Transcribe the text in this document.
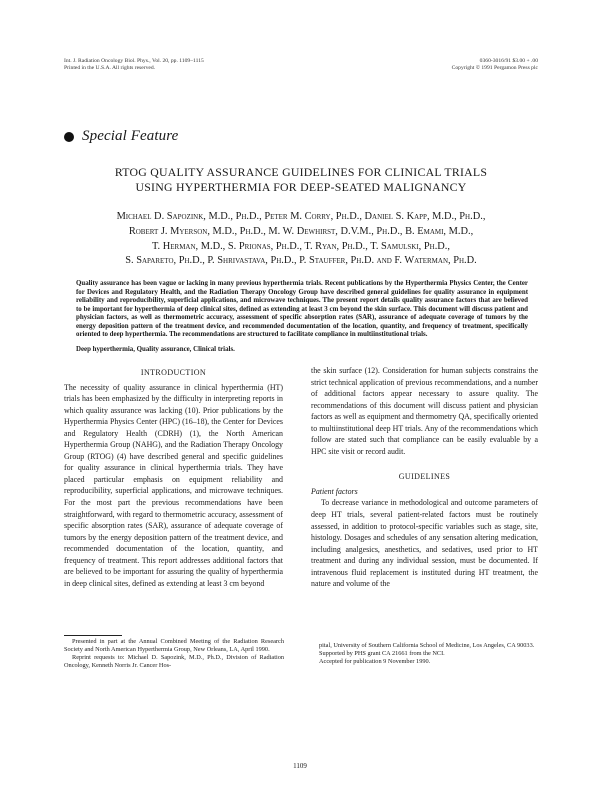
Int. J. Radiation Oncology Biol. Phys., Vol. 20, pp. 1109–1115
Printed in the U.S.A. All rights reserved.
0360-3016/91 $3.00 + .00
Copyright © 1991 Pergamon Press plc
Special Feature
RTOG QUALITY ASSURANCE GUIDELINES FOR CLINICAL TRIALS
USING HYPERTHERMIA FOR DEEP-SEATED MALIGNANCY
Michael D. Sapozink, M.D., Ph.D., Peter M. Corry, Ph.D., Daniel S. Kapp, M.D., Ph.D.,
Robert J. Myerson, M.D., Ph.D., M. W. Dewhirst, D.V.M., Ph.D., B. Emami, M.D.,
T. Herman, M.D., S. Prionas, Ph.D., T. Ryan, Ph.D., T. Samulski, Ph.D.,
S. Sapareto, Ph.D., P. Shrivastava, Ph.D., P. Stauffer, Ph.D. and F. Waterman, Ph.D.
Quality assurance has been vague or lacking in many previous hyperthermia trials. Recent publications by the Hyperthermia Physics Center, the Center for Devices and Regulatory Health, and the Radiation Therapy Oncology Group have described general guidelines for quality assurance in equipment reliability and reproducibility, superficial applications, and microwave techniques. The present report details quality assurance factors that are believed to be important for hyperthermia of deep clinical sites, defined as extending at least 3 cm beyond the skin surface. This document will discuss patient and physician factors, as well as thermometric accuracy, assessment of specific absorption rates (SAR), assurance of adequate coverage of tumors by the energy deposition pattern of the treatment device, and recommended documentation of the location, quantity, and frequency of treatment, specifically oriented to deep hyperthermia. The recommendations are structured to facilitate compliance in multiinstitutional trials.
Deep hyperthermia, Quality assurance, Clinical trials.
INTRODUCTION

The necessity of quality assurance in clinical hyperthermia (HT) trials has been emphasized by the difficulty in interpreting reports in which quality assurance was lacking (10). Prior publications by the Hyperthermia Physics Center (HPC) (16–18), the Center for Devices and Regulatory Health (CDRH) (1), the North American Hyperthermia Group (NAHG), and the Radiation Therapy Oncology Group (RTOG) (4) have described general and specific guidelines for quality assurance in clinical hyperthermia trials. They have placed particular emphasis on equipment reliability and reproducibility, superficial applications, and microwave techniques. For the most part the previous recommendations have been straightforward, with regard to thermometric accuracy, assessment of specific absorption rates (SAR), assurance of adequate coverage of tumors by the energy deposition pattern of the treatment device, and recommended documentation of the location, quantity, and frequency of treatment. This report addresses additional factors that are believed to be important for assuring the quality of hyperthermia in deep clinical sites, defined as extending at least 3 cm beyond

the skin surface (12). Consideration for human subjects constrains the strict technical application of previous recommendations, and a number of additional factors appear necessary to assure quality. The recommendations of this document will discuss patient and physician factors as well as equipment and thermometry QA, specifically oriented to multiinstitutional deep HT trials. Any of the recommendations which follow are stated such that compliance can be easily evaluable by a HPC site visit or record audit.

GUIDELINES
Patient factors

To decrease variance in methodological and outcome parameters of deep HT trials, several patient-related factors must be routinely assessed, in addition to protocol-specific variables such as stage, site, histology. Dosages and schedules of any sensation altering medication, including analgesics, anesthetics, and sedatives, used prior to HT treatment and during any individual session, must be documented. If intravenous fluid replacement is instituted during HT treatment, the nature and volume of the

Presented in part at the Annual Combined Meeting of the Radiation Research Society and North American Hyperthermia Group, New Orleans, LA, April 1990.

Reprint requests to: Michael D. Sapozink, M.D., Ph.D., Division of Radiation Oncology, Kenneth Norris Jr. Cancer Hos-

pital, University of Southern California School of Medicine, Los Angeles, CA 90033.

Supported by PHS grant CA 21661 from the NCI.

Accepted for publication 9 November 1990.

1109
